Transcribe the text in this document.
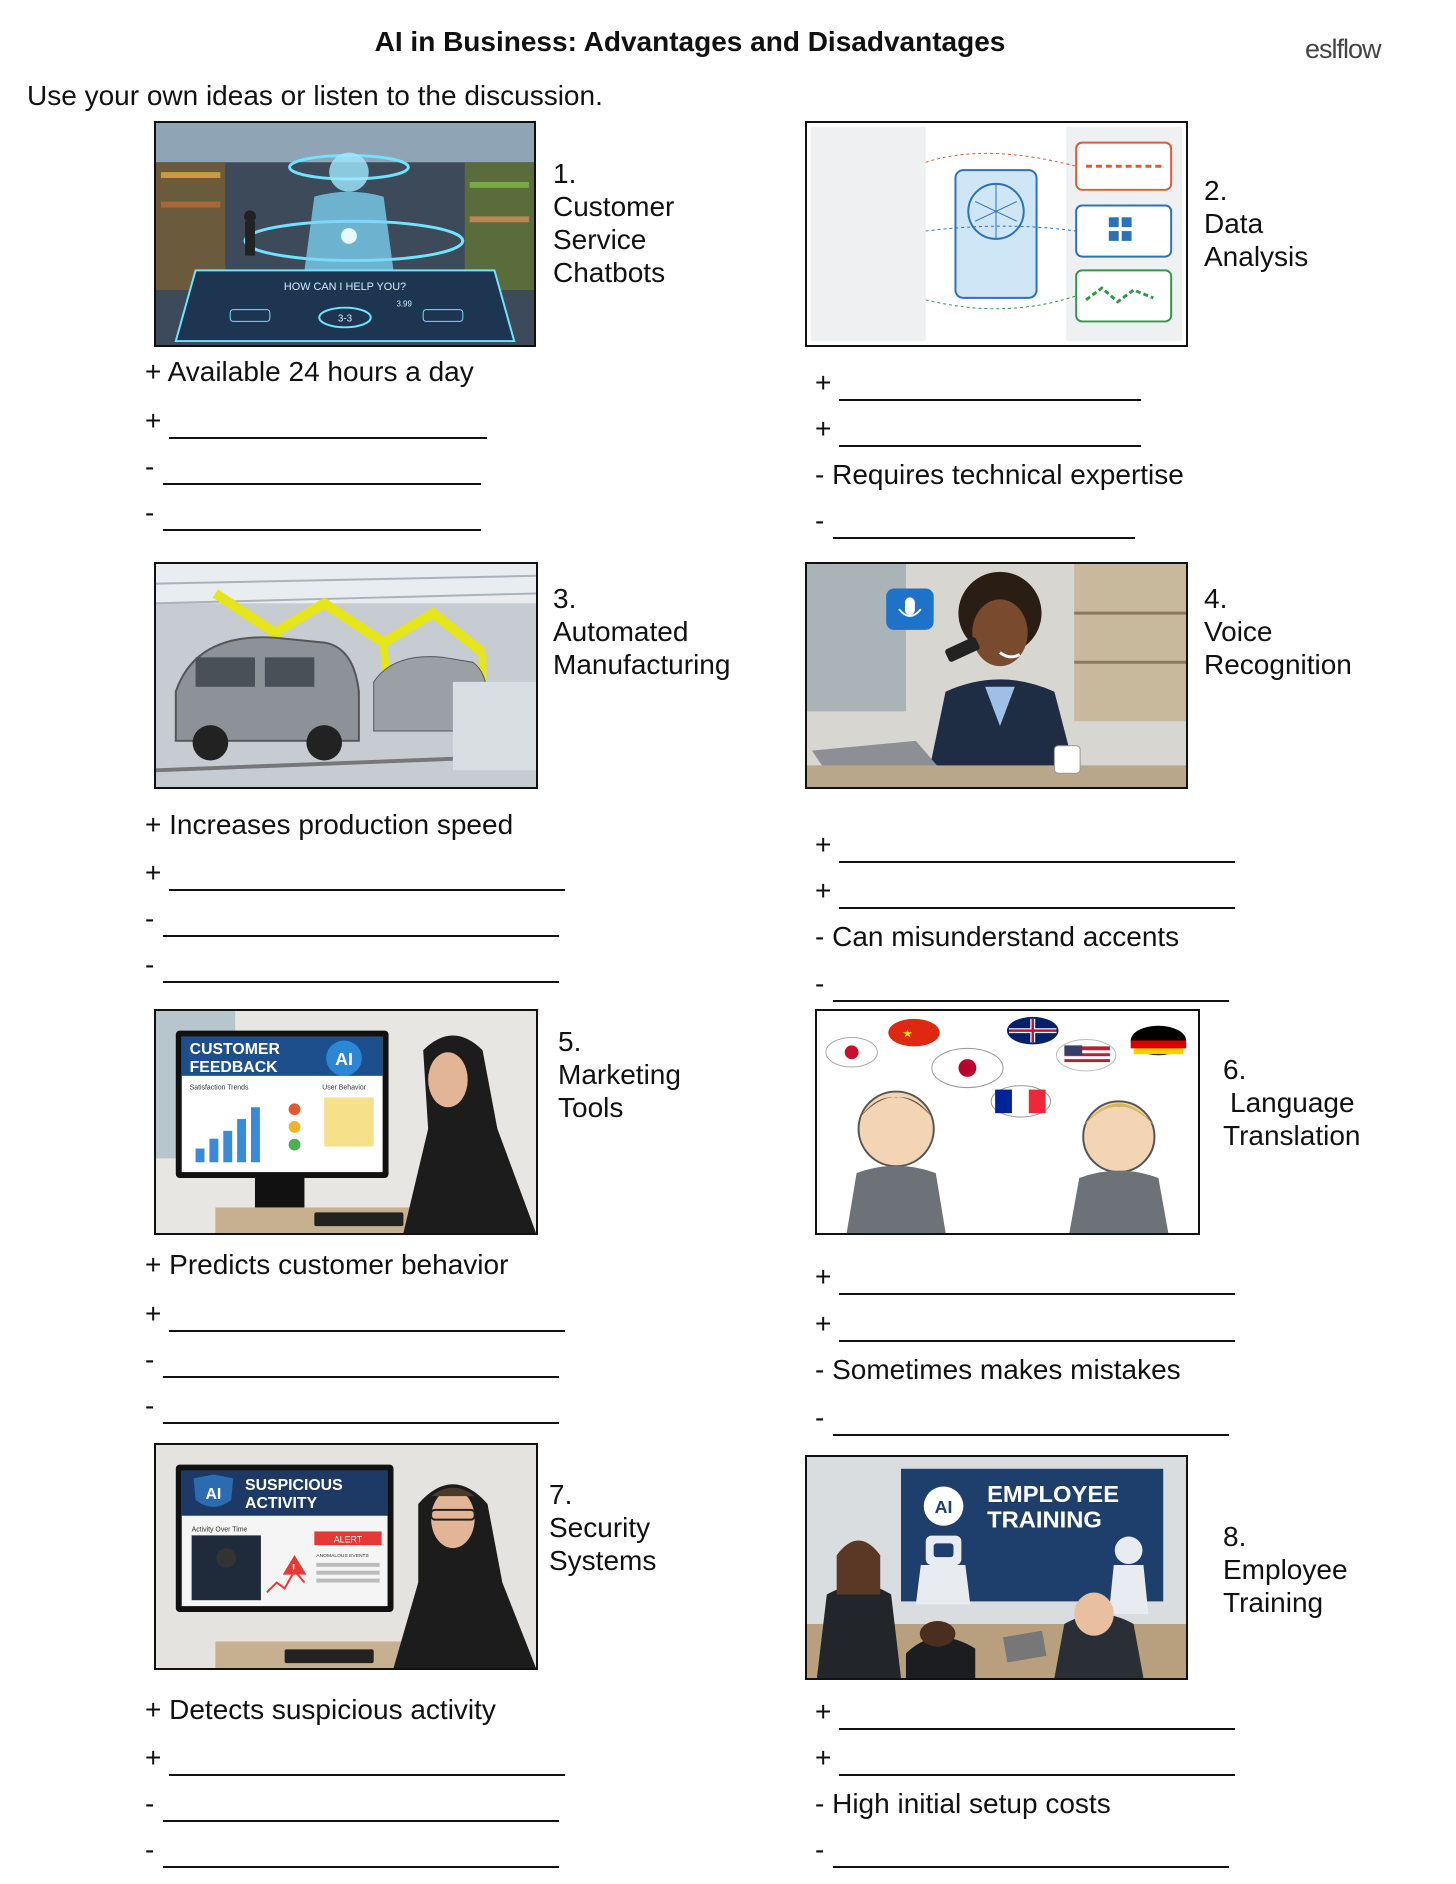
AI in Business: Advantages and Disadvantages	eslflow
Use your own ideas or listen to the discussion.
HOW CAN I HELP YOU?
3-3
3.99
1.
Customer
Service
Chatbots
2.
Data
Analysis
3.
Automated
Manufacturing
4.
Voice
Recognition
CUSTOMER
FEEDBACK	AI
Satisfaction Trends	User Behavior
5.
Marketing
Tools
★
6.
Language
Translation
AI
SUSPICIOUS
ACTIVITY
Activity Over Time
!
ALERT
ANOMALOUS EVENTS
7.
Security
Systems
AI EMPLOYEE
TRAINING
8.
Employee
Training
+ Available 24 hours a day
+
-
-
+
+
- Requires technical expertise
-
+ Increases production speed
+
-
-
+
+
- Can misunderstand accents
-
+ Predicts customer behavior
+
-
-
+
+
- Sometimes makes mistakes
-
+ Detects suspicious activity
+
-
-
+
+
- High initial setup costs
-
